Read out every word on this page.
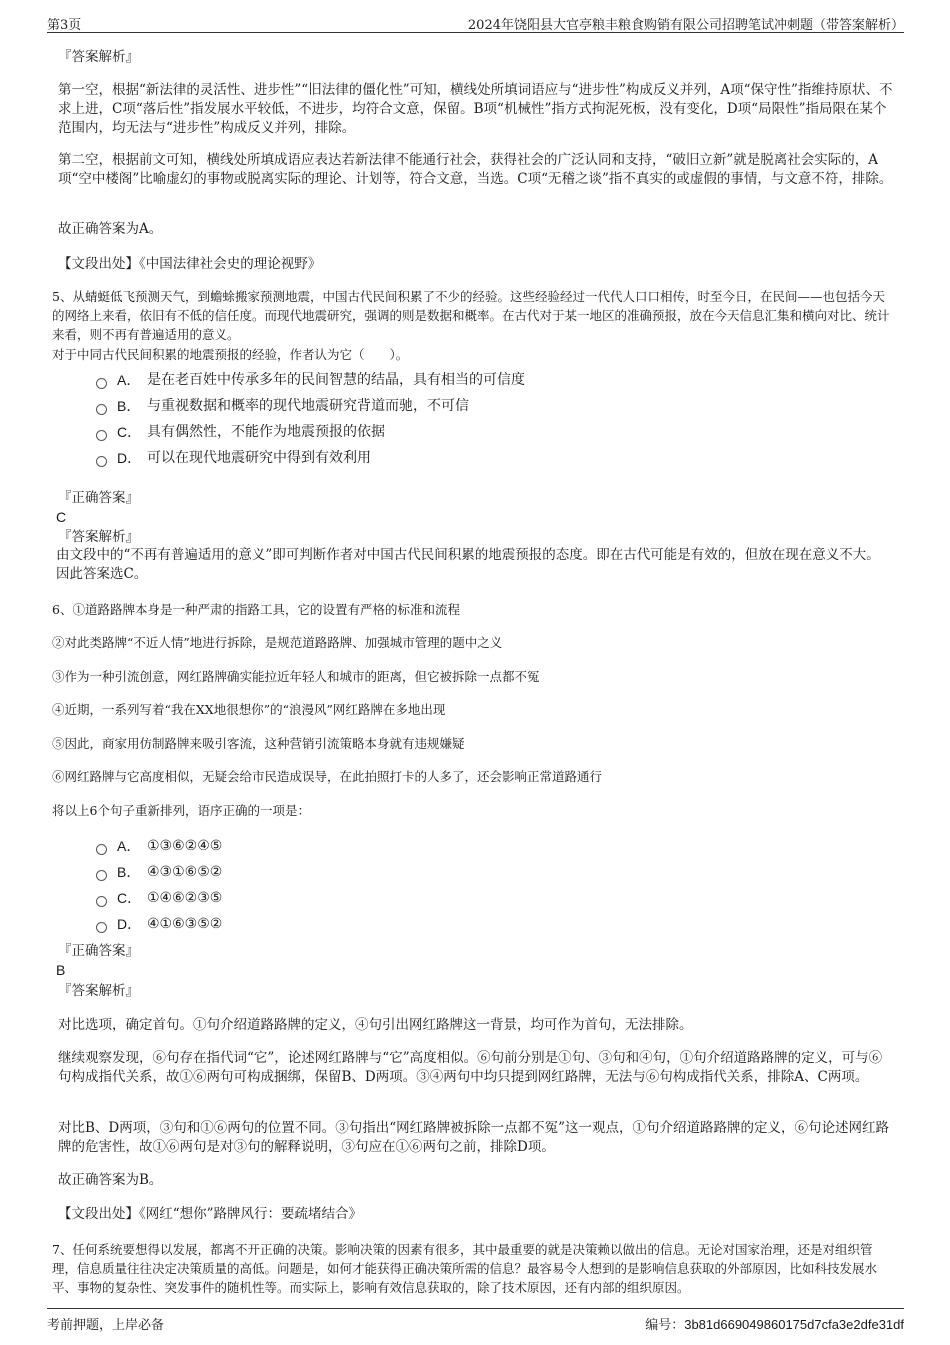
第3页	2024年饶阳县大官亭粮丰粮食购销有限公司招聘笔试冲刺题（带答案解析）
『答案解析』
第一空，根据“新法律的灵活性、进步性”“旧法律的僵化性”可知，横线处所填词语应与“进步性”构成反义并列，A项“保守性”指维持原状、不求上进，C项“落后性”指发展水平较低，不进步，均符合文意，保留。B项“机械性”指方式拘泥死板，没有变化，D项“局限性”指局限在某个范围内，均无法与“进步性”构成反义并列，排除。
第二空，根据前文可知，横线处所填成语应表达若新法律不能通行社会，获得社会的广泛认同和支持，“破旧立新”就是脱离社会实际的，A项“空中楼阁”比喻虚幻的事物或脱离实际的理论、计划等，符合文意，当选。C项“无稽之谈”指不真实的或虚假的事情，与文意不符，排除。
故正确答案为A。
【文段出处】《中国法律社会史的理论视野》
5、从蜻蜓低飞预测天气，到蟾蜍搬家预测地震，中国古代民间积累了不少的经验。这些经验经过一代代人口口相传，时至今日，在民间——也包括今天的网络上来看，依旧有不低的信任度。而现代地震研究，强调的则是数据和概率。在古代对于某一地区的准确预报，放在今天信息汇集和横向对比、统计来看，则不再有普遍适用的意义。
对于中同古代民间积累的地震预报的经验，作者认为它（　　）。
A． 是在老百姓中传承多年的民间智慧的结晶，具有相当的可信度
B． 与重视数据和概率的现代地震研究背道而驰，不可信
C． 具有偶然性，不能作为地震预报的依据
D． 可以在现代地震研究中得到有效利用
『正确答案』
C
『答案解析』
由文段中的“不再有普遍适用的意义”即可判断作者对中国古代民间积累的地震预报的态度。即在古代可能是有效的，但放在现在意义不大。因此答案选C。
6、①道路路牌本身是一种严肃的指路工具，它的设置有严格的标准和流程
②对此类路牌“不近人情”地进行拆除，是规范道路路牌、加强城市管理的题中之义
③作为一种引流创意，网红路牌确实能拉近年轻人和城市的距离，但它被拆除一点都不冤
④近期，一系列写着“我在XX地很想你”的“浪漫风”网红路牌在多地出现
⑤因此，商家用仿制路牌来吸引客流，这种营销引流策略本身就有违规嫌疑
⑥网红路牌与它高度相似，无疑会给市民造成误导，在此拍照打卡的人多了，还会影响正常道路通行
将以上6个句子重新排列，语序正确的一项是：
A． ①③⑥②④⑤
B． ④③①⑥⑤②
C． ①④⑥②③⑤
D． ④①⑥③⑤②
『正确答案』
B
『答案解析』
对比选项，确定首句。①句介绍道路路牌的定义，④句引出网红路牌这一背景，均可作为首句，无法排除。
继续观察发现，⑥句存在指代词“它”，论述网红路牌与“它”高度相似。⑥句前分别是①句、③句和④句，①句介绍道路路牌的定义，可与⑥句构成指代关系，故①⑥两句可构成捆绑，保留B、D两项。③④两句中均只提到网红路牌，无法与⑥句构成指代关系，排除A、C两项。
对比B、D两项，③句和①⑥两句的位置不同。③句指出“网红路牌被拆除一点都不冤”这一观点，①句介绍道路路牌的定义，⑥句论述网红路牌的危害性，故①⑥两句是对③句的解释说明，③句应在①⑥两句之前，排除D项。
故正确答案为B。
【文段出处】《网红“想你”路牌风行：要疏堵结合》
7、任何系统要想得以发展，都离不开正确的决策。影响决策的因素有很多，其中最重要的就是决策赖以做出的信息。无论对国家治理，还是对组织管理，信息质量往往决定决策质量的高低。问题是，如何才能获得正确决策所需的信息？最容易令人想到的是影响信息获取的外部原因，比如科技发展水平、事物的复杂性、突发事件的随机性等。而实际上，影响有效信息获取的，除了技术原因，还有内部的组织原因。
考前押题，上岸必备	编号：3b81d669049860175d7cfa3e2dfe31df
